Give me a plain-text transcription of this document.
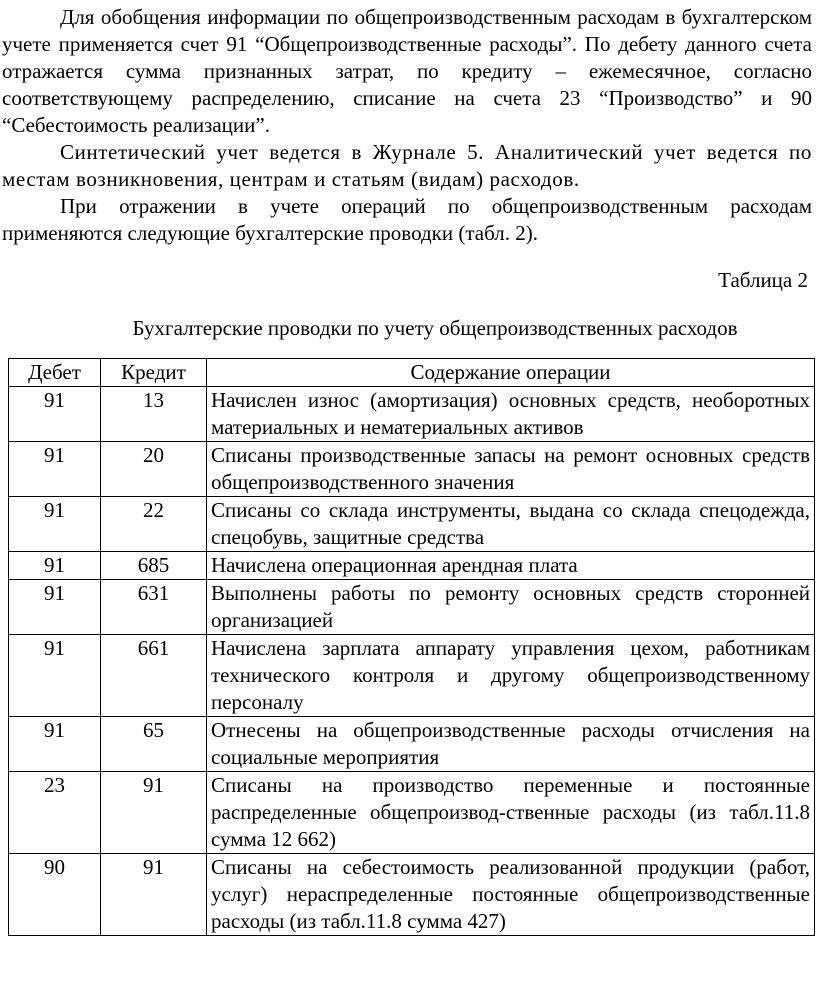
Для обобщения информации по общепроизводственным расходам в бухгалтерском учете применяется счет 91 “Общепроизводственные расходы”. По дебету данного счета отражается сумма признанных затрат, по кредиту – ежемесячное, согласно соответствующему распределению, списание на счета 23 “Производство” и 90 “Себестоимость реализации”.

Синтетический учет ведется в Журнале 5. Аналитический учет ведется по местам возникновения, центрам и статьям (видам) расходов.

При отражении в учете операций по общепроизводственным расходам применяются следующие бухгалтерские проводки (табл. 2).

Таблица 2

Бухгалтерские проводки по учету общепроизводственных расходов

Дебет	Кредит	Содержание операции
91	13	Начислен износ (амортизация) основных средств, необоротных материальных и нематериальных активов
91	20	Списаны производственные запасы на ремонт основных средств общепроизводственного значения
91	22	Списаны со склада инструменты, выдана со склада спецодежда, спецобувь, защитные средства
91	685	Начислена операционная арендная плата
91	631	Выполнены работы по ремонту основных средств сторонней организацией
91	661	Начислена зарплата аппарату управления цехом, работникам технического контроля и другому общепроизводственному персоналу
91	65	Отнесены на общепроизводственные расходы отчисления на социальные мероприятия
23	91	Списаны на производство переменные и постоянные распределенные общепроизвод-ственные расходы (из табл.11.8 сумма 12 662)
90	91	Списаны на себестоимость реализованной продукции (работ, услуг) нераспределенные постоянные общепроизводственные расходы (из табл.11.8 сумма 427)
